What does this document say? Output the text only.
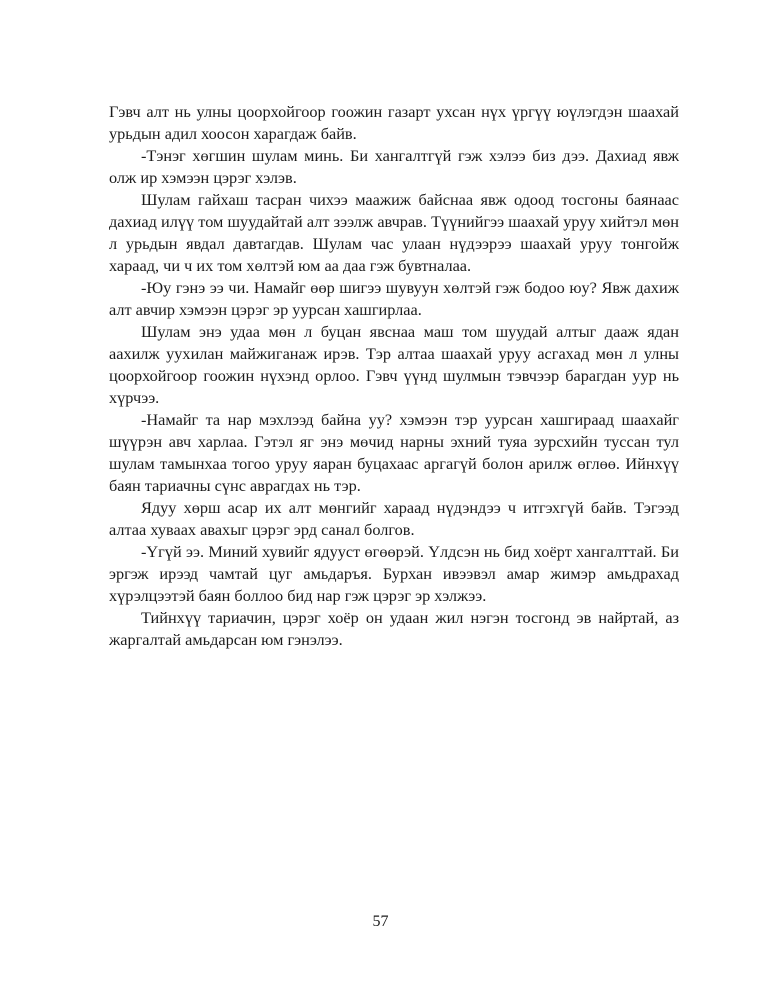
Гэвч алт нь улны цоорхойгоор гоожин газарт ухсан нүх үргүү юүлэгдэн шаахай урьдын адил хоосон харагдаж байв.

-Тэнэг хөгшин шулам минь. Би хангалтгүй гэж хэлээ биз дээ. Дахиад явж олж ир хэмээн цэрэг хэлэв.

Шулам гайхаш тасран чихээ маажиж байснаа явж одоод тосгоны баянаас дахиад илүү том шуудайтай алт зээлж авчрав. Түүнийгээ шаахай уруу хийтэл мөн л урьдын явдал давтагдав. Шулам час улаан нүдээрээ шаахай уруу тонгойж хараад, чи ч их том хөлтэй юм аа даа гэж бувтналаа.

-Юу гэнэ ээ чи. Намайг өөр шигээ шувуун хөлтэй гэж бодоо юу? Явж дахиж алт авчир хэмээн цэрэг эр уурсан хашгирлаа.

Шулам энэ удаа мөн л буцан явснаа маш том шуудай алтыг дааж ядан аахилж уухилан майжиганаж ирэв. Тэр алтаа шаахай уруу асгахад мөн л улны цоорхойгоор гоожин нүхэнд орлоо. Гэвч үүнд шулмын тэвчээр барагдан уур нь хүрчээ.

-Намайг та нар мэхлээд байна уу? хэмээн тэр уурсан хашгираад шаахайг шүүрэн авч харлаа. Гэтэл яг энэ мөчид нарны эхний туяа зурсхийн туссан тул шулам тамынхаа тогоо уруу яаран буцахаас аргагүй болон арилж өглөө. Ийнхүү баян тариачны сүнс аврагдах нь тэр.

Ядуу хөрш асар их алт мөнгийг хараад нүдэндээ ч итгэхгүй байв. Тэгээд алтаа хуваах авахыг цэрэг эрд санал болгов.

-Үгүй ээ. Миний хувийг ядууст өгөөрэй. Үлдсэн нь бид хоёрт хангалттай. Би эргэж ирээд чамтай цуг амьдаръя. Бурхан ивээвэл амар жимэр амьдрахад хүрэлцээтэй баян боллоо бид нар гэж цэрэг эр хэлжээ.

Тийнхүү тариачин, цэрэг хоёр он удаан жил нэгэн тосгонд эв найртай, аз жаргалтай амьдарсан юм гэнэлээ.

57
